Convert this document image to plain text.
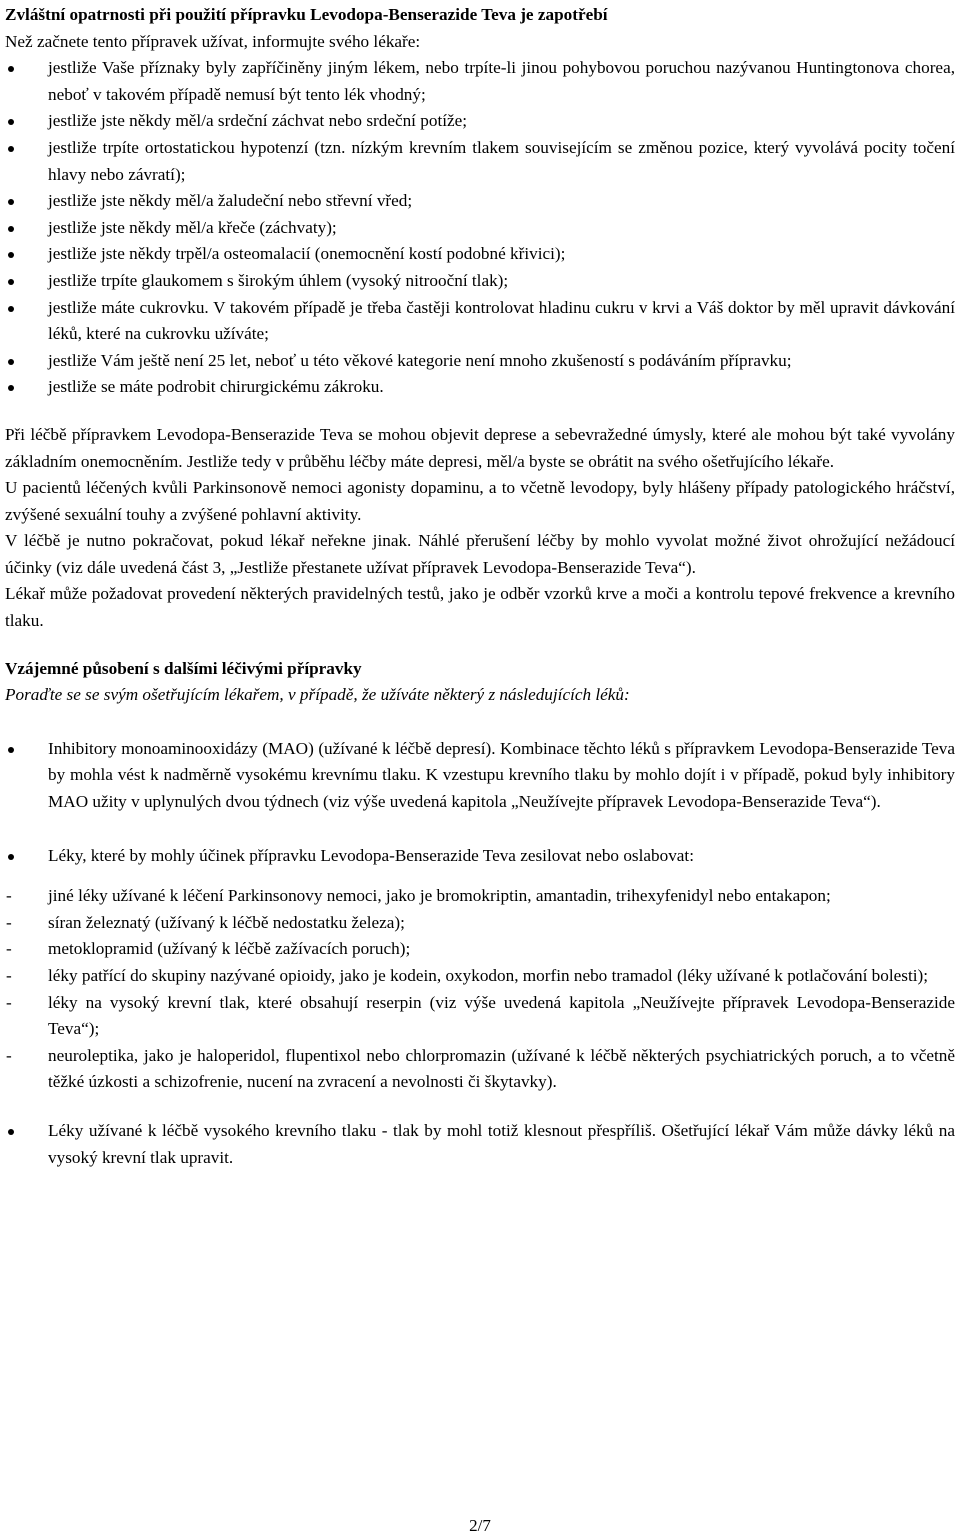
Zvláštní opatrnosti při použití přípravku Levodopa-Benserazide Teva je zapotřebí

Než začnete tento přípravek užívat, informujte svého lékaře:

jestliže Vaše příznaky byly zapříčiněny jiným lékem, nebo trpíte-li jinou pohybovou poruchou nazývanou Huntingtonova chorea, neboť v takovém případě nemusí být tento lék vhodný;
jestliže jste někdy měl/a srdeční záchvat nebo srdeční potíže;
jestliže trpíte ortostatickou hypotenzí (tzn. nízkým krevním tlakem souvisejícím se změnou pozice, který vyvolává pocity točení hlavy nebo závratí);
jestliže jste někdy měl/a žaludeční nebo střevní vřed;
jestliže jste někdy měl/a křeče (záchvaty);
jestliže jste někdy trpěl/a osteomalacií (onemocnění kostí podobné křivici);
jestliže trpíte glaukomem s širokým úhlem (vysoký nitrooční tlak);
jestliže máte cukrovku. V takovém případě je třeba častěji kontrolovat hladinu cukru v krvi a Váš doktor by měl upravit dávkování léků, které na cukrovku užíváte;
jestliže Vám ještě není 25 let, neboť u této věkové kategorie není mnoho zkušeností s podáváním přípravku;
jestliže se máte podrobit chirurgickému zákroku.

Při léčbě přípravkem Levodopa-Benserazide Teva se mohou objevit deprese a sebevražedné úmysly, které ale mohou být také vyvolány základním onemocněním. Jestliže tedy v průběhu léčby máte depresi, měl/a byste se obrátit na svého ošetřujícího lékaře.

U pacientů léčených kvůli Parkinsonově nemoci agonisty dopaminu, a to včetně levodopy, byly hlášeny případy patologického hráčství, zvýšené sexuální touhy a zvýšené pohlavní aktivity.

V léčbě je nutno pokračovat, pokud lékař neřekne jinak. Náhlé přerušení léčby by mohlo vyvolat možné život ohrožující nežádoucí účinky (viz dále uvedená část 3, „Jestliže přestanete užívat přípravek Levodopa-Benserazide Teva“).

Lékař může požadovat provedení některých pravidelných testů, jako je odběr vzorků krve a moči a kontrolu tepové frekvence a krevního tlaku.

Vzájemné působení s dalšími léčivými přípravky

Poraďte se se svým ošetřujícím lékařem, v případě, že užíváte některý z následujících léků:

Inhibitory monoaminooxidázy (MAO) (užívané k léčbě depresí). Kombinace těchto léků s přípravkem Levodopa-Benserazide Teva by mohla vést k nadměrně vysokému krevnímu tlaku. K vzestupu krevního tlaku by mohlo dojít i v případě, pokud byly inhibitory MAO užity v uplynulých dvou týdnech (viz výše uvedená kapitola „Neužívejte přípravek Levodopa-Benserazide Teva“).
Léky, které by mohly účinek přípravku Levodopa-Benserazide Teva zesilovat nebo oslabovat:
- jiné léky užívané k léčení Parkinsonovy nemoci, jako je bromokriptin, amantadin, trihexyfenidyl nebo entakapon;
- síran železnatý (užívaný k léčbě nedostatku železa);
- metoklopramid (užívaný k léčbě zažívacích poruch);
- léky patřící do skupiny nazývané opioidy, jako je kodein, oxykodon, morfin nebo tramadol (léky užívané k potlačování bolesti);
- léky na vysoký krevní tlak, které obsahují reserpin (viz výše uvedená kapitola „Neužívejte přípravek Levodopa-Benserazide Teva“);
- neuroleptika, jako je haloperidol, flupentixol nebo chlorpromazin (užívané k léčbě některých psychiatrických poruch, a to včetně těžké úzkosti a schizofrenie, nucení na zvracení a nevolnosti či škytavky).
Léky užívané k léčbě vysokého krevního tlaku - tlak by mohl totiž klesnout přespříliš. Ošetřující lékař Vám může dávky léků na vysoký krevní tlak upravit.
2/7
